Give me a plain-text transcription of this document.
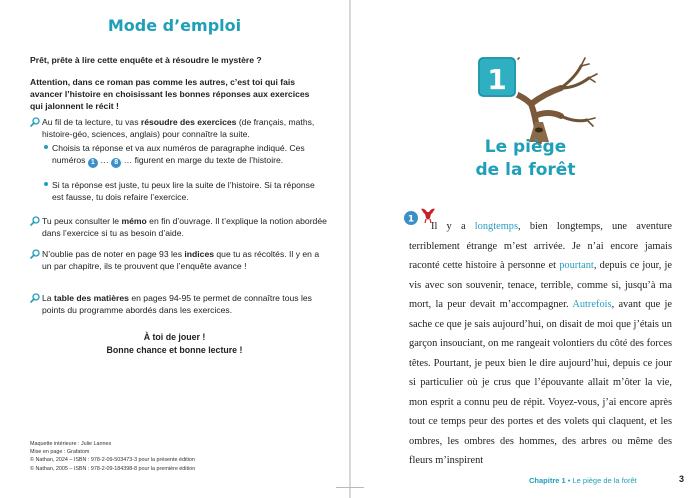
Mode d’emploi
Prêt, prête à lire cette enquête et à résoudre le mystère ?
Attention, dans ce roman pas comme les autres, c’est toi qui fais avancer l’histoire en choisissant les bonnes réponses aux exercices qui jalonnent le récit !
Au fil de ta lecture, tu vas résoudre des exercices (de français, maths, histoire-géo, sciences, anglais) pour connaître la suite.
Choisis ta réponse et va aux numéros de paragraphe indiqué. Ces numéros 1 … 8 … figurent en marge du texte de l’histoire.
Si ta réponse est juste, tu peux lire la suite de l’histoire. Si ta réponse est fausse, tu dois refaire l’exercice.
Tu peux consulter le mémo en fin d’ouvrage. Il t’explique la notion abordée dans l’exercice si tu as besoin d’aide.
N’oublie pas de noter en page 93 les indices que tu as récoltés. Il y en a un par chapitre, ils te prouvent que l’enquête avance !
La table des matières en pages 94-95 te permet de connaître tous les points du programme abordés dans les exercices.
À toi de jouer !
Bonne chance et bonne lecture !
Maquette intérieure : Julie Lannes
Mise en page : Grafatom
© Nathan, 2024 – ISBN : 978-2-09-503473-3 pour la présente édition
© Nathan, 2005 – ISBN : 978-2-09-184398-8 pour la première édition
1
Le piège
de la forêt
1

Il y a longtemps, bien longtemps, une aventure terriblement étrange m’est arrivée. Je n’ai encore jamais raconté cette histoire à personne et pourtant, depuis ce jour, je vis avec son souvenir, tenace, terrible, comme si, jusqu’à ma mort, la peur devait m’accompagner. Autrefois, avant que je sache ce que je sais aujourd’hui, on disait de moi que j’étais un garçon insouciant, on me rangeait volontiers du côté des forces têtes. Pourtant, je peux bien le dire aujourd’hui, depuis ce jour si particulier où je crus que l’épouvante allait m’ôter la vie, mon esprit a connu peu de répit. Voyez-vous, j’ai encore après tout ce temps peur des portes et des volets qui claquent, et les ombres, les ombres des hommes, des arbres ou même des fleurs m’inspirent

Chapitre 1 • Le piège de la forêt	3
